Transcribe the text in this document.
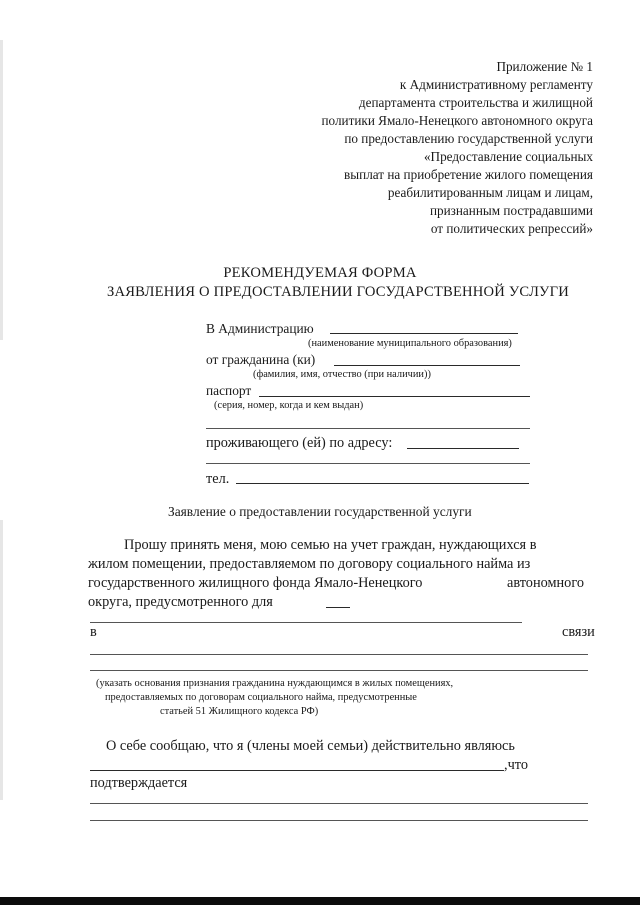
Приложение № 1
к Административному регламенту
департамента строительства и жилищной
политики Ямало-Ненецкого автономного округа
по предоставлению государственной услуги
«Предоставление социальных
выплат на приобретение жилого помещения
реабилитированным лицам и лицам,
признанным пострадавшими
от политических репрессий»
РЕКОМЕНДУЕМАЯ ФОРМА
ЗАЯВЛЕНИЯ О ПРЕДОСТАВЛЕНИИ ГОСУДАРСТВЕННОЙ УСЛУГИ
В Администрацию
(наименование муниципального образования)
от гражданина (ки)
(фамилия, имя, отчество (при наличии))
паспорт
(серия, номер, когда и кем выдан)
проживающего (ей) по адресу:
тел.
Заявление о предоставлении государственной услуги
Прошу принять меня, мою семью на учет граждан, нуждающихся в
жилом помещении, предоставляемом по договору социального найма из
государственного жилищного фонда Ямало-Ненецкого	автономного
округа, предусмотренного для
в	связи
(указать основания признания гражданина нуждающимся в жилых помещениях,
предоставляемых по договорам социального найма, предусмотренные
статьей 51 Жилищного кодекса РФ)
О себе сообщаю, что я (члены моей семьи) действительно являюсь
,что
подтверждается
